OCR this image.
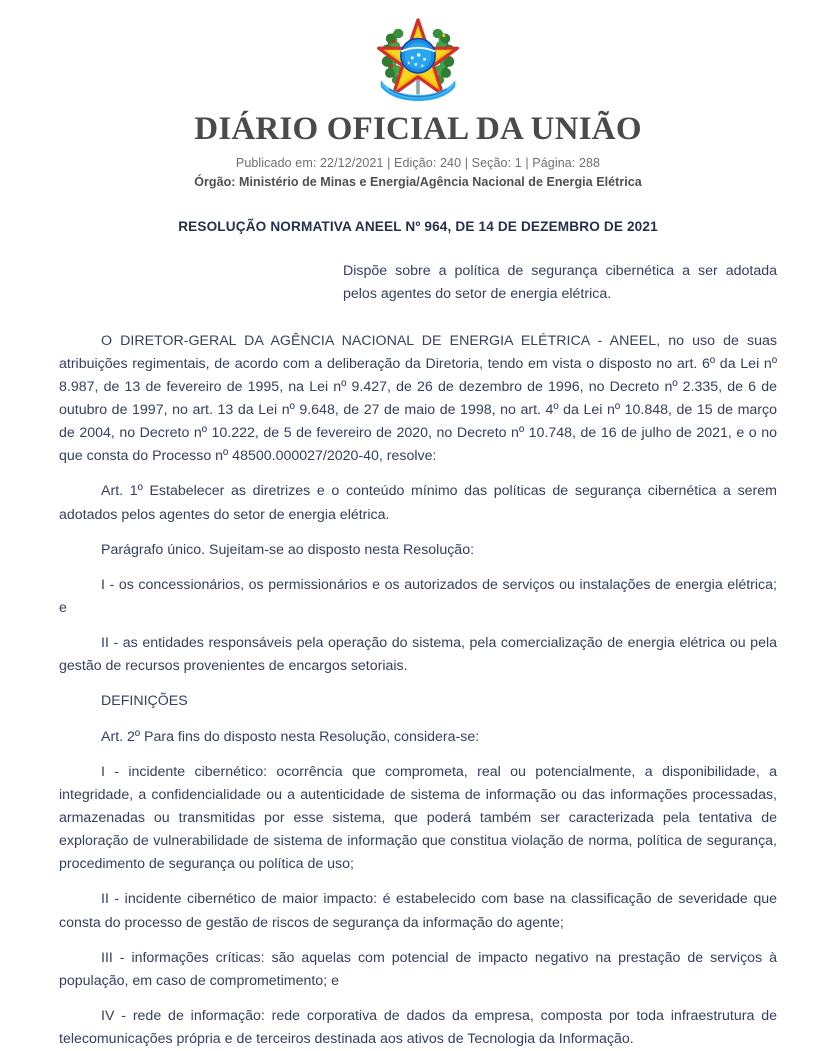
DIÁRIO OFICIAL DA UNIÃO
Publicado em: 22/12/2021 | Edição: 240 | Seção: 1 | Página: 288
Órgão: Ministério de Minas e Energia/Agência Nacional de Energia Elétrica
RESOLUÇÃO NORMATIVA ANEEL Nº 964, DE 14 DE DEZEMBRO DE 2021
Dispõe sobre a política de segurança cibernética a ser adotada pelos agentes do setor de energia elétrica.

O DIRETOR-GERAL DA AGÊNCIA NACIONAL DE ENERGIA ELÉTRICA - ANEEL, no uso de suas atribuições regimentais, de acordo com a deliberação da Diretoria, tendo em vista o disposto no art. 6º da Lei nº 8.987, de 13 de fevereiro de 1995, na Lei nº 9.427, de 26 de dezembro de 1996, no Decreto nº 2.335, de 6 de outubro de 1997, no art. 13 da Lei nº 9.648, de 27 de maio de 1998, no art. 4º da Lei nº 10.848, de 15 de março de 2004, no Decreto nº 10.222, de 5 de fevereiro de 2020, no Decreto nº 10.748, de 16 de julho de 2021, e o no que consta do Processo nº 48500.000027/2020-40, resolve:

Art. 1º Estabelecer as diretrizes e o conteúdo mínimo das políticas de segurança cibernética a serem adotados pelos agentes do setor de energia elétrica.

Parágrafo único. Sujeitam-se ao disposto nesta Resolução:

I - os concessionários, os permissionários e os autorizados de serviços ou instalações de energia elétrica; e

II - as entidades responsáveis pela operação do sistema, pela comercialização de energia elétrica ou pela gestão de recursos provenientes de encargos setoriais.

DEFINIÇÕES

Art. 2º Para fins do disposto nesta Resolução, considera-se:

I - incidente cibernético: ocorrência que comprometa, real ou potencialmente, a disponibilidade, a integridade, a confidencialidade ou a autenticidade de sistema de informação ou das informações processadas, armazenadas ou transmitidas por esse sistema, que poderá também ser caracterizada pela tentativa de exploração de vulnerabilidade de sistema de informação que constitua violação de norma, política de segurança, procedimento de segurança ou política de uso;

II - incidente cibernético de maior impacto: é estabelecido com base na classificação de severidade que consta do processo de gestão de riscos de segurança da informação do agente;

III - informações críticas: são aquelas com potencial de impacto negativo na prestação de serviços à população, em caso de comprometimento; e

IV - rede de informação: rede corporativa de dados da empresa, composta por toda infraestrutura de telecomunicações própria e de terceiros destinada aos ativos de Tecnologia da Informação.
